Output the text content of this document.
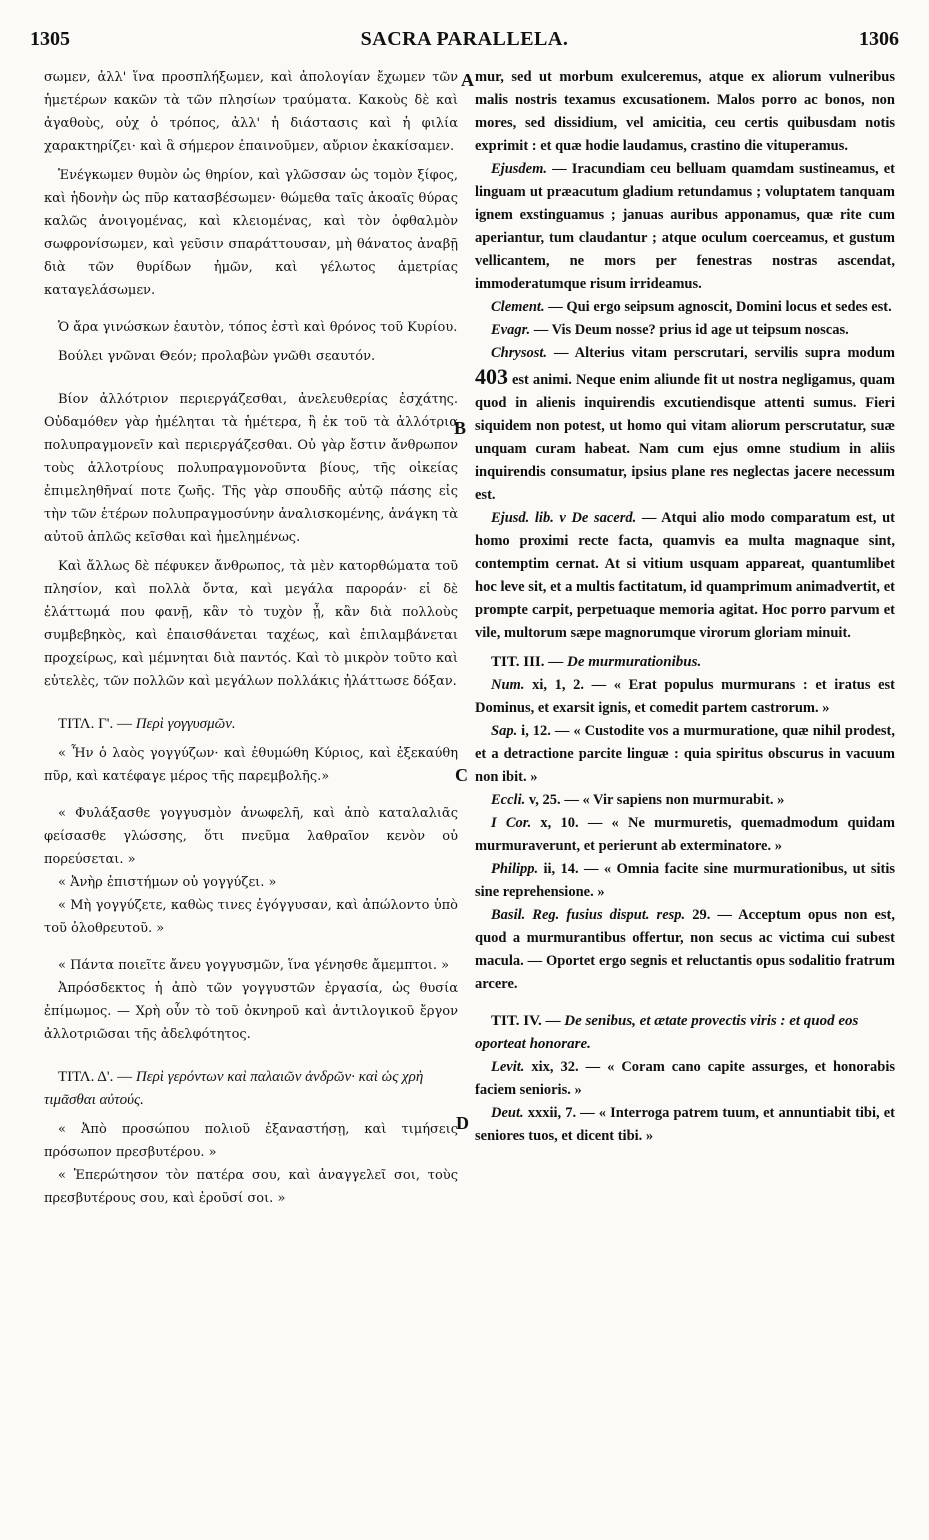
1305	SACRA PARALLELA.	1306
A
B
C
D

σωμεν, ἀλλ' ἵνα προσπλήξωμεν, καὶ ἀπολογίαν ἔχωμεν τῶν ἡμετέρων κακῶν τὰ τῶν πλησίων τραύματα. Κακοὺς δὲ καὶ ἀγαθοὺς, οὐχ ὁ τρόπος, ἀλλ' ἡ διάστασις καὶ ἡ φιλία χαρακτηρίζει· καὶ ἃ σήμερον ἐπαινοῦμεν, αὔριον ἐκακίσαμεν.

Ἐνέγκωμεν θυμὸν ὡς θηρίον, καὶ γλῶσσαν ὡς τομὸν ξίφος, καὶ ἡδονὴν ὡς πῦρ κατασβέσωμεν· θώμεθα ταῖς ἀκοαῖς θύρας καλῶς ἀνοιγομένας, καὶ κλειομένας, καὶ τὸν ὀφθαλμὸν σωφρονίσωμεν, καὶ γεῦσιν σπαράττουσαν, μὴ θάνατος ἀναβῇ διὰ τῶν θυρίδων ἡμῶν, καὶ γέλωτος ἀμετρίας καταγελάσωμεν.

Ὁ ἄρα γινώσκων ἑαυτὸν, τόπος ἐστὶ καὶ θρόνος τοῦ Κυρίου.

Βούλει γνῶναι Θεόν; προλαβὼν γνῶθι σεαυτόν.

Βίον ἀλλότριον περιεργάζεσθαι, ἀνελευθερίας ἐσχάτης. Οὐδαμόθεν γὰρ ἠμέληται τὰ ἡμέτερα, ἢ ἐκ τοῦ τὰ ἀλλότρια πολυπραγμονεῖν καὶ περιεργάζεσθαι. Οὐ γὰρ ἔστιν ἄνθρωπον τοὺς ἀλλοτρίους πολυπραγμονοῦντα βίους, τῆς οἰκείας ἐπιμεληθῆναί ποτε ζωῆς. Τῆς γὰρ σπουδῆς αὐτῷ πάσης εἰς τὴν τῶν ἑτέρων πολυπραγμοσύνην ἀναλισκομένης, ἀνάγκη τὰ αὐτοῦ ἁπλῶς κεῖσθαι καὶ ἠμελημένως.

Καὶ ἄλλως δὲ πέφυκεν ἄνθρωπος, τὰ μὲν κατορθώματα τοῦ πλησίον, καὶ πολλὰ ὄντα, καὶ μεγάλα παροράν· εἰ δὲ ἐλάττωμά που φανῇ, κἂν τὸ τυχὸν ᾖ, κἂν διὰ πολλοὺς συμβεβηκὸς, καὶ ἐπαισθάνεται ταχέως, καὶ ἐπιλαμβάνεται προχείρως, καὶ μέμνηται διὰ παντός. Καὶ τὸ μικρὸν τοῦτο καὶ εὐτελὲς, τῶν πολλῶν καὶ μεγάλων πολλάκις ἠλάττωσε δόξαν.

ΤΙΤΛ. Γ'. — Περὶ γογγυσμῶν.

« Ἦν ὁ λαὸς γογγύζων· καὶ ἐθυμώθη Κύριος, καὶ ἐξεκαύθη πῦρ, καὶ κατέφαγε μέρος τῆς παρεμβολῆς.»

« Φυλάξασθε γογγυσμὸν ἀνωφελῆ, καὶ ἀπὸ καταλαλιᾶς φείσασθε γλώσσης, ὅτι πνεῦμα λαθραῖον κενὸν οὐ πορεύσεται. »

« Ἀνὴρ ἐπιστήμων οὐ γογγύζει. »

« Μὴ γογγύζετε, καθὼς τινες ἐγόγγυσαν, καὶ ἀπώλοντο ὑπὸ τοῦ ὀλοθρευτοῦ. »

« Πάντα ποιεῖτε ἄνευ γογγυσμῶν, ἵνα γένησθε ἄμεμπτοι. »

Ἀπρόσδεκτος ἡ ἀπὸ τῶν γογγυστῶν ἐργασία, ὡς θυσία ἐπίμωμος. — Χρὴ οὖν τὸ τοῦ ὀκνηροῦ καὶ ἀντιλογικοῦ ἔργον ἀλλοτριῶσαι τῆς ἀδελφότητος.

ΤΙΤΛ. Δ'. — Περὶ γερόντων καὶ παλαιῶν ἀνδρῶν· καὶ ὡς χρὴ τιμᾶσθαι αὐτούς.

« Ἀπὸ προσώπου πολιοῦ ἐξαναστήσῃ, καὶ τιμήσεις πρόσωπον πρεσβυτέρου. »

« Ἐπερώτησον τὸν πατέρα σου, καὶ ἀναγγελεῖ σοι, τοὺς πρεσβυτέρους σου, καὶ ἐροῦσί σοι. »

mur, sed ut morbum exulceremus, atque ex aliorum vulneribus malis nostris texamus excusationem. Malos porro ac bonos, non mores, sed dissidium, vel amicitia, ceu certis quibusdam notis exprimit : et quæ hodie laudamus, crastino die vituperamus.

Ejusdem. — Iracundiam ceu belluam quamdam sustineamus, et linguam ut præacutum gladium retundamus ; voluptatem tanquam ignem exstinguamus ; januas auribus apponamus, quæ rite cum aperiantur, tum claudantur ; atque oculum coerceamus, et gustum vellicantem, ne mors per fenestras nostras ascendat, immoderatumque risum irrideamus.

Clement. — Qui ergo seipsum agnoscit, Domini locus et sedes est.

Evagr. — Vis Deum nosse? prius id age ut teipsum noscas.

Chrysost. — Alterius vitam perscrutari, servilis supra modum 403 est animi. Neque enim aliunde fit ut nostra negligamus, quam quod in alienis inquirendis excutiendisque attenti sumus. Fieri siquidem non potest, ut homo qui vitam aliorum perscrutatur, suæ unquam curam habeat. Nam cum ejus omne studium in aliis inquirendis consumatur, ipsius plane res neglectas jacere necessum est.

Ejusd. lib. v De sacerd. — Atqui alio modo comparatum est, ut homo proximi recte facta, quamvis ea multa magnaque sint, contemptim cernat. At si vitium usquam appareat, quantumlibet hoc leve sit, et a multis factitatum, id quamprimum animadvertit, et prompte carpit, perpetuaque memoria agitat. Hoc porro parvum et vile, multorum sæpe magnorumque virorum gloriam minuit.

TIT. III. — De murmurationibus.

Num. xi, 1, 2. — « Erat populus murmurans : et iratus est Dominus, et exarsit ignis, et comedit partem castrorum. »

Sap. i, 12. — « Custodite vos a murmuratione, quæ nihil prodest, et a detractione parcite linguæ : quia spiritus obscurus in vacuum non ibit. »

Eccli. v, 25. — « Vir sapiens non murmurabit. »

I Cor. x, 10. — « Ne murmuretis, quemadmodum quidam murmuraverunt, et perierunt ab exterminatore. »

Philipp. ii, 14. — « Omnia facite sine murmurationibus, ut sitis sine reprehensione. »

Basil. Reg. fusius disput. resp. 29. — Acceptum opus non est, quod a murmurantibus offertur, non secus ac victima cui subest macula. — Oportet ergo segnis et reluctantis opus sodalitio fratrum arcere.

TIT. IV. — De senibus, et ætate provectis viris : et quod eos oporteat honorare.

Levit. xix, 32. — « Coram cano capite assurges, et honorabis faciem senioris. »

Deut. xxxii, 7. — « Interroga patrem tuum, et annuntiabit tibi, et seniores tuos, et dicent tibi. »
